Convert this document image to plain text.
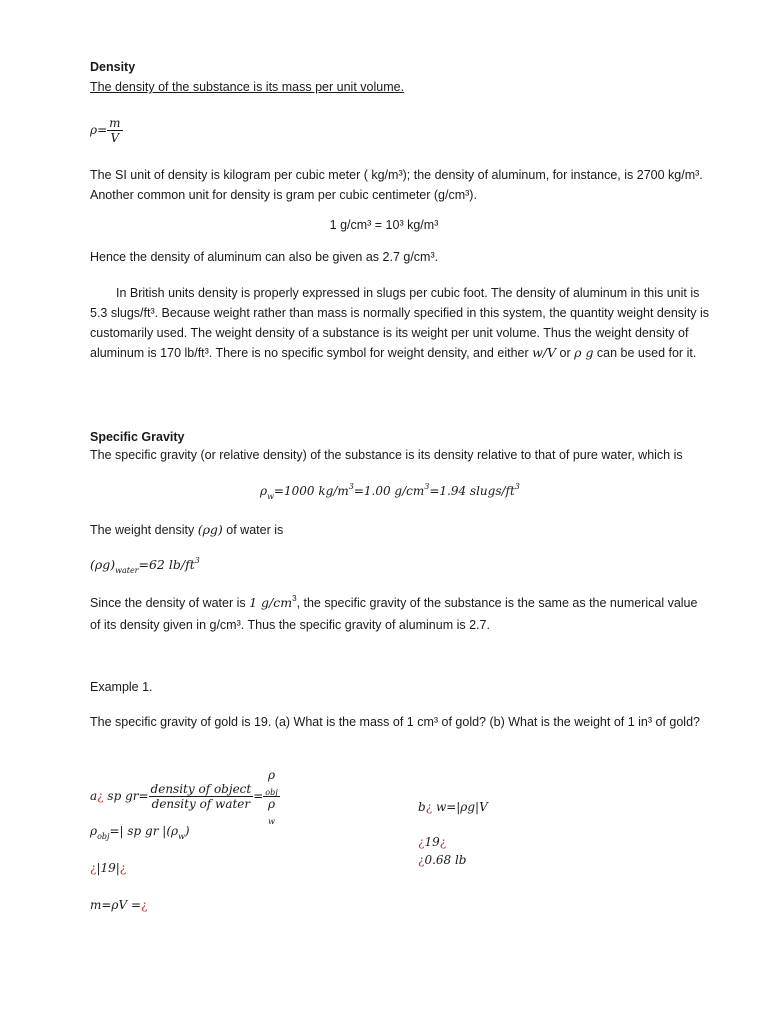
Density
The density of the substance is its mass per unit volume.
$\rho= \frac{m}{V}$
The SI unit of density is kilogram per cubic meter ( kg/m³); the density of aluminum, for instance, is 2700 kg/m³. Another common unit for density is gram per cubic centimeter (g/cm³).
1 g/cm³ = 10³ kg/m³
Hence the density of aluminum can also be given as 2.7 g/cm³.
In British units density is properly expressed in slugs per cubic foot. The density of aluminum in this unit is 5.3 slugs/ft³. Because weight rather than mass is normally specified in this system, the quantity weight density is customarily used. The weight density of a substance is its weight per unit volume. Thus the weight density of aluminum is 170 lb/ft³. There is no specific symbol for weight density, and either w/V or ρ g can be used for it.
Specific Gravity
The specific gravity (or relative density) of the substance is its density relative to that of pure water, which is
$\rho_w=1000$ $kg/m^3=1.00$ $g/cm^3=1.94$ slugs/$ft^3$
The weight density (ρg) of water is
$(\rho g)_{water}=62$ $lb/ft^3$
Since the density of water is 1 $g/cm^3$, the specific gravity of the substance is the same as the numerical value of its density given in g/cm³. Thus the specific gravity of aluminum is 2.7.
Example 1.
The specific gravity of gold is 19. (a) What is the mass of 1 cm³ of gold? (b) What is the weight of 1 in³ of gold?
a¿ sp $gr= \frac{\text{density of object}}{\text{density of water}} = \rho$
obj
ρ
w
$\rho_{obj}=|$ sp gr $|(\rho_w)$
¿|19|¿
m=ρV =¿
b¿ w=|ρg|V
¿19¿
¿0.68 lb
